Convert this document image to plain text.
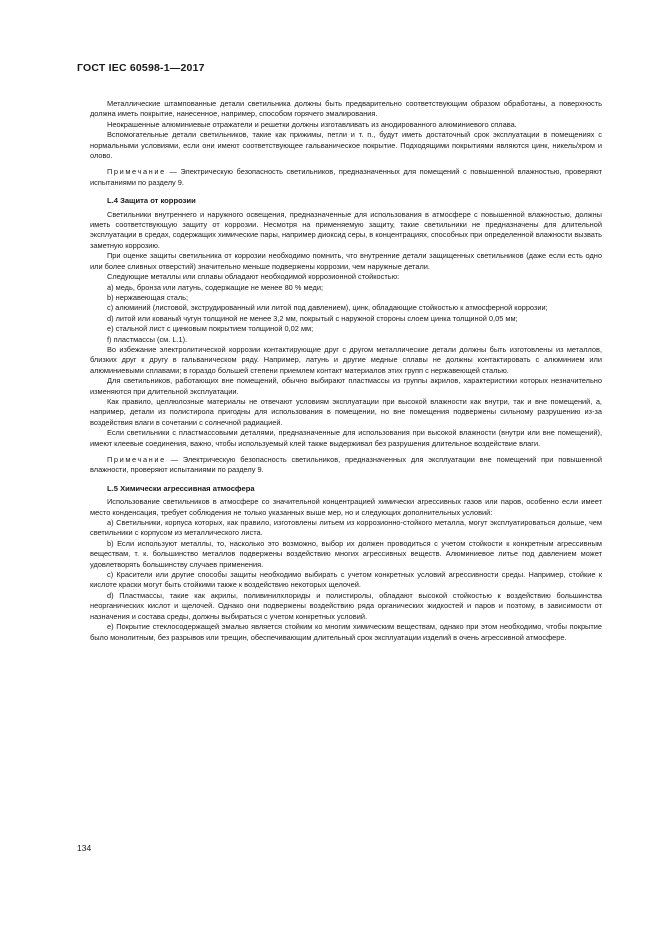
ГОСТ IEC 60598-1—2017

Металлические штампованные детали светильника должны быть предварительно соответствующим образом обработаны, а поверхность должна иметь покрытие, нанесенное, например, способом горячего эмалирования.

Неокрашенные алюминиевые отражатели и решетки должны изготавливать из анодированного алюминиевого сплава.

Вспомогательные детали светильников, такие как прижимы, петли и т. п., будут иметь достаточный срок эксплуатации в помещениях с нормальными условиями, если они имеют соответствующее гальваническое покрытие. Подходящими покрытиями являются цинк, никель/хром и олово.

Примечание — Электрическую безопасность светильников, предназначенных для помещений с повышенной влажностью, проверяют испытаниями по разделу 9.

L.4 Защита от коррозии

Светильники внутреннего и наружного освещения, предназначенные для использования в атмосфере с повышенной влажностью, должны иметь соответствующую защиту от коррозии. Несмотря на применяемую защиту, такие светильники не предназначены для длительной эксплуатации в средах, содержащих химические пары, например диоксид серы, в концентрациях, способных при определенной влажности вызвать заметную коррозию.

При оценке защиты светильника от коррозии необходимо помнить, что внутренние детали защищенных светильников (даже если есть одно или более сливных отверстий) значительно меньше подвержены коррозии, чем наружные детали.

Следующие металлы или сплавы обладают необходимой коррозионной стойкостью:

a) медь, бронза или латунь, содержащие не менее 80 % меди;

b) нержавеющая сталь;

c) алюминий (листовой, экструдированный или литой под давлением), цинк, обладающие стойкостью к атмосферной коррозии;

d) литой или кованый чугун толщиной не менее 3,2 мм, покрытый с наружной стороны слоем цинка толщиной 0,05 мм;

e) стальной лист с цинковым покрытием толщиной 0,02 мм;

f) пластмассы (см. L.1).

Во избежание электролитической коррозии контактирующие друг с другом металлические детали должны быть изготовлены из металлов, близких друг к другу в гальваническом ряду. Например, латунь и другие медные сплавы не должны контактировать с алюминием или алюминиевыми сплавами; в гораздо большей степени приемлем контакт материалов этих групп с нержавеющей сталью.

Для светильников, работающих вне помещений, обычно выбирают пластмассы из группы акрилов, характеристики которых незначительно изменяются при длительной эксплуатации.

Как правило, целлюлозные материалы не отвечают условиям эксплуатации при высокой влажности как внутри, так и вне помещений, а, например, детали из полистирола пригодны для использования в помещении, но вне помещения подвержены сильному разрушению из-за воздействия влаги в сочетании с солнечной радиацией.

Если светильники с пластмассовыми деталями, предназначенные для использования при высокой влажности (внутри или вне помещений), имеют клеевые соединения, важно, чтобы используемый клей также выдерживал без разрушения длительное воздействие влаги.

Примечание — Электрическую безопасность светильников, предназначенных для эксплуатации вне помещений при повышенной влажности, проверяют испытаниями по разделу 9.

L.5 Химически агрессивная атмосфера

Использование светильников в атмосфере со значительной концентрацией химически агрессивных газов или паров, особенно если имеет место конденсация, требует соблюдения не только указанных выше мер, но и следующих дополнительных условий:

a) Светильники, корпуса которых, как правило, изготовлены литьем из коррозионно-стойкого металла, могут эксплуатироваться дольше, чем светильники с корпусом из металлического листа.

b) Если используют металлы, то, насколько это возможно, выбор их должен проводиться с учетом стойкости к конкретным агрессивным веществам, т. к. большинство металлов подвержены воздействию многих агрессивных веществ. Алюминиевое литье под давлением может удовлетворять большинству случаев применения.

c) Красители или другие способы защиты необходимо выбирать с учетом конкретных условий агрессивности среды. Например, стойкие к кислоте краски могут быть стойкими также к воздействию некоторых щелочей.

d) Пластмассы, такие как акрилы, поливинилхлориды и полистиролы, обладают высокой стойкостью к воздействию большинства неорганических кислот и щелочей. Однако они подвержены воздействию ряда органических жидкостей и паров и поэтому, в зависимости от назначения и состава среды, должны выбираться с учетом конкретных условий.

e) Покрытие стеклосодержащей эмалью является стойким ко многим химическим веществам, однако при этом необходимо, чтобы покрытие было монолитным, без разрывов или трещин, обеспечивающим длительный срок эксплуатации изделий в очень агрессивной атмосфере.

134
